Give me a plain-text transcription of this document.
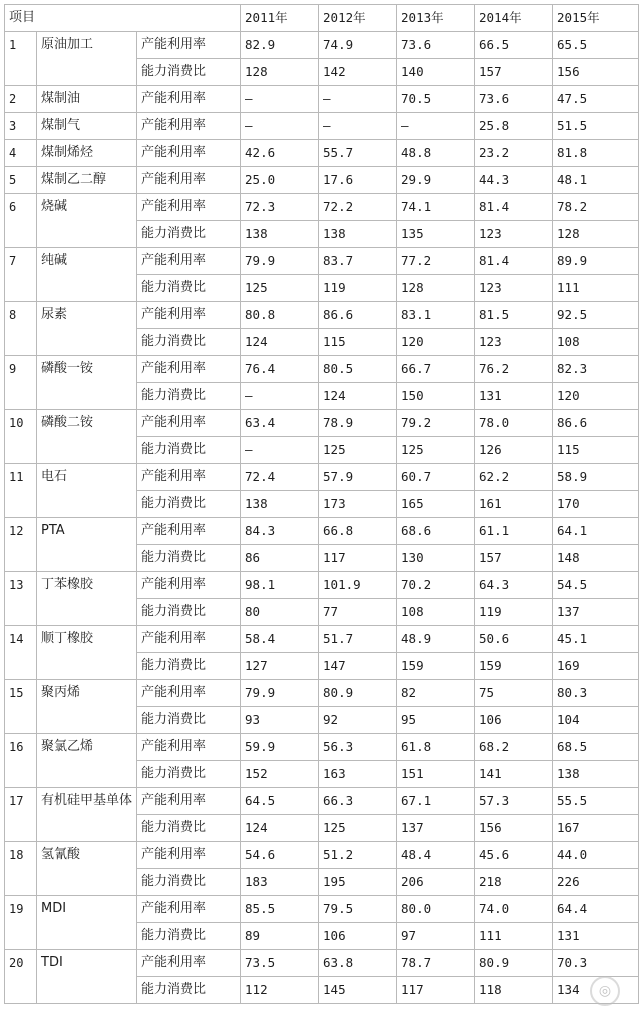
项目			2011年	2012年	2013年	2014年	2015年
1	原油加工	产能利用率	82.9	74.9	73.6	66.5	65.5
		能力消费比	128	142	140	157	156
2	煤制油	产能利用率	–	–	70.5	73.6	47.5
3	煤制气	产能利用率	–	–	–	25.8	51.5
4	煤制烯烃	产能利用率	42.6	55.7	48.8	23.2	81.8
5	煤制乙二醇	产能利用率	25.0	17.6	29.9	44.3	48.1
6	烧碱	产能利用率	72.3	72.2	74.1	81.4	78.2
		能力消费比	138	138	135	123	128
7	纯碱	产能利用率	79.9	83.7	77.2	81.4	89.9
		能力消费比	125	119	128	123	111
8	尿素	产能利用率	80.8	86.6	83.1	81.5	92.5
		能力消费比	124	115	120	123	108
9	磷酸一铵	产能利用率	76.4	80.5	66.7	76.2	82.3
		能力消费比	–	124	150	131	120
10	磷酸二铵	产能利用率	63.4	78.9	79.2	78.0	86.6
		能力消费比	–	125	125	126	115
11	电石	产能利用率	72.4	57.9	60.7	62.2	58.9
		能力消费比	138	173	165	161	170
12	PTA	产能利用率	84.3	66.8	68.6	61.1	64.1
		能力消费比	86	117	130	157	148
13	丁苯橡胶	产能利用率	98.1	101.9	70.2	64.3	54.5
		能力消费比	80	77	108	119	137
14	顺丁橡胶	产能利用率	58.4	51.7	48.9	50.6	45.1
		能力消费比	127	147	159	159	169
15	聚丙烯	产能利用率	79.9	80.9	82	75	80.3
		能力消费比	93	92	95	106	104
16	聚氯乙烯	产能利用率	59.9	56.3	61.8	68.2	68.5
		能力消费比	152	163	151	141	138
17	有机硅甲基单体	产能利用率	64.5	66.3	67.1	57.3	55.5
		能力消费比	124	125	137	156	167
18	氢氰酸	产能利用率	54.6	51.2	48.4	45.6	44.0
		能力消费比	183	195	206	218	226
19	MDI	产能利用率	85.5	79.5	80.0	74.0	64.4
		能力消费比	89	106	97	111	131
20	TDI	产能利用率	73.5	63.8	78.7	80.9	70.3
		能力消费比	112	145	117	118	134	◎
